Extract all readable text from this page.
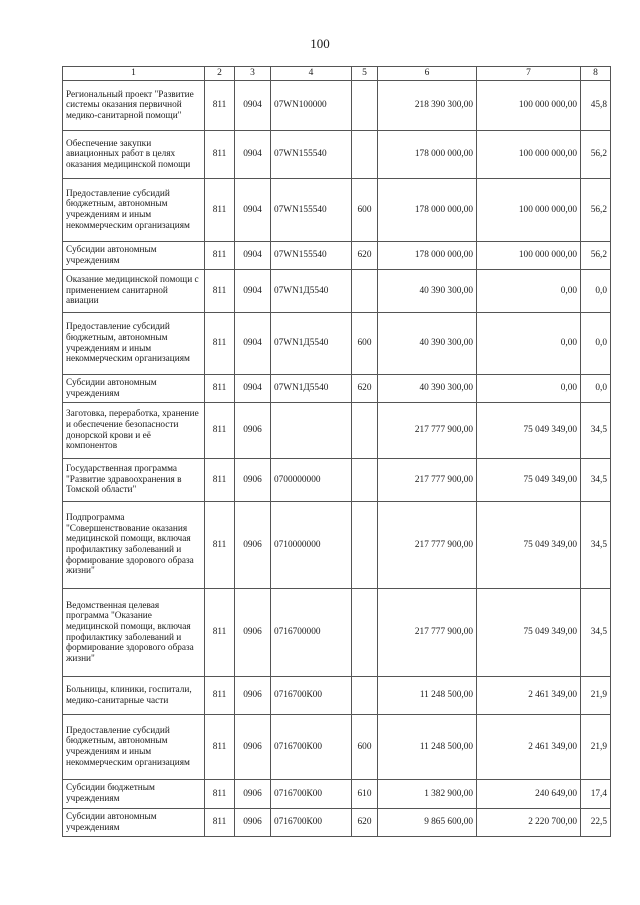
100
1	2	3	4	5	6	7	8
Региональный проект "Развитие системы оказания первичной медико-санитарной помощи"	811	0904	07WN100000		218 390 300,00	100 000 000,00	45,8
Обеспечение закупки авиационных работ в целях оказания медицинской помощи	811	0904	07WN155540		178 000 000,00	100 000 000,00	56,2
Предоставление субсидий бюджетным, автономным учреждениям и иным некоммерческим организациям	811	0904	07WN155540	600	178 000 000,00	100 000 000,00	56,2
Субсидии автономным учреждениям	811	0904	07WN155540	620	178 000 000,00	100 000 000,00	56,2
Оказание медицинской помощи с применением санитарной авиации	811	0904	07WN1Д5540		40 390 300,00	0,00	0,0
Предоставление субсидий бюджетным, автономным учреждениям и иным некоммерческим организациям	811	0904	07WN1Д5540	600	40 390 300,00	0,00	0,0
Субсидии автономным учреждениям	811	0904	07WN1Д5540	620	40 390 300,00	0,00	0,0
Заготовка, переработка, хранение и обеспечение безопасности донорской крови и её компонентов	811	0906			217 777 900,00	75 049 349,00	34,5
Государственная программа "Развитие здравоохранения в Томской области"	811	0906	0700000000		217 777 900,00	75 049 349,00	34,5
Подпрограмма "Совершенствование оказания медицинской помощи, включая профилактику заболеваний и формирование здорового образа жизни"	811	0906	0710000000		217 777 900,00	75 049 349,00	34,5
Ведомственная целевая программа "Оказание медицинской помощи, включая профилактику заболеваний и формирование здорового образа жизни"	811	0906	0716700000		217 777 900,00	75 049 349,00	34,5
Больницы, клиники, госпитали, медико-санитарные части	811	0906	0716700К00		11 248 500,00	2 461 349,00	21,9
Предоставление субсидий бюджетным, автономным учреждениям и иным некоммерческим организациям	811	0906	0716700К00	600	11 248 500,00	2 461 349,00	21,9
Субсидии бюджетным учреждениям	811	0906	0716700К00	610	1 382 900,00	240 649,00	17,4
Субсидии автономным учреждениям	811	0906	0716700К00	620	9 865 600,00	2 220 700,00	22,5
